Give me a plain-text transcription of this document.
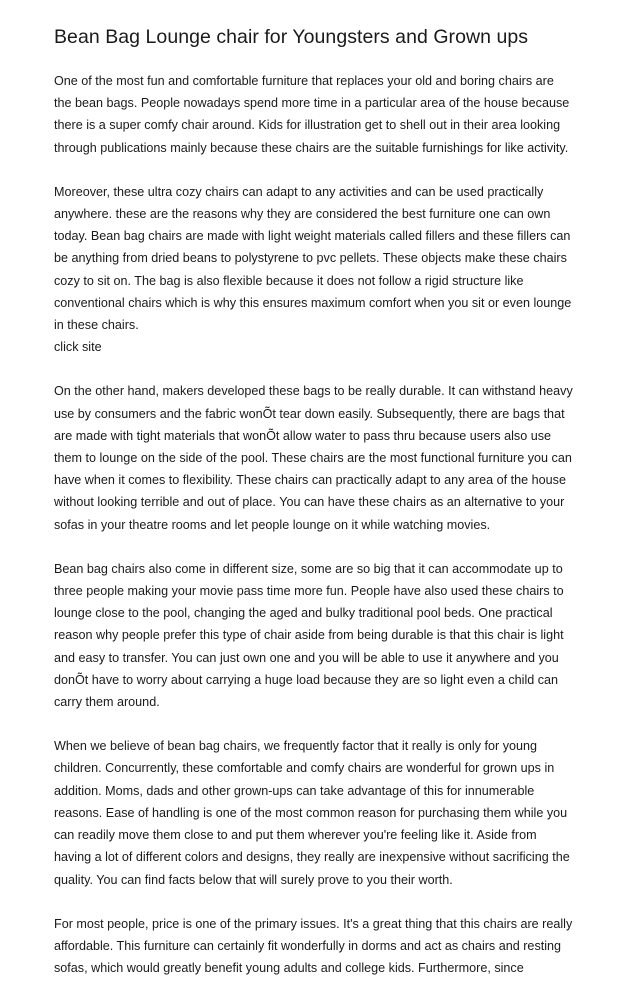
Bean Bag Lounge chair for Youngsters and Grown ups
One of the most fun and comfortable furniture that replaces your old and boring chairs are
the bean bags. People nowadays spend more time in a particular area of the house because
there is a super comfy chair around. Kids for illustration get to shell out in their area looking
through publications mainly because these chairs are the suitable furnishings for like activity.
Moreover, these ultra cozy chairs can adapt to any activities and can be used practically
anywhere. these are the reasons why they are considered the best furniture one can own
today. Bean bag chairs are made with light weight materials called fillers and these fillers can
be anything from dried beans to polystyrene to pvc pellets. These objects make these chairs
cozy to sit on. The bag is also flexible because it does not follow a rigid structure like
conventional chairs which is why this ensures maximum comfort when you sit or even lounge
in these chairs.
click site
On the other hand, makers developed these bags to be really durable. It can withstand heavy
use by consumers and the fabric wonÕt tear down easily. Subsequently, there are bags that
are made with tight materials that wonÕt allow water to pass thru because users also use
them to lounge on the side of the pool. These chairs are the most functional furniture you can
have when it comes to flexibility. These chairs can practically adapt to any area of the house
without looking terrible and out of place. You can have these chairs as an alternative to your
sofas in your theatre rooms and let people lounge on it while watching movies.
Bean bag chairs also come in different size, some are so big that it can accommodate up to
three people making your movie pass time more fun. People have also used these chairs to
lounge close to the pool, changing the aged and bulky traditional pool beds. One practical
reason why people prefer this type of chair aside from being durable is that this chair is light
and easy to transfer. You can just own one and you will be able to use it anywhere and you
donÕt have to worry about carrying a huge load because they are so light even a child can
carry them around.
When we believe of bean bag chairs, we frequently factor that it really is only for young
children. Concurrently, these comfortable and comfy chairs are wonderful for grown ups in
addition. Moms, dads and other grown-ups can take advantage of this for innumerable
reasons. Ease of handling is one of the most common reason for purchasing them while you
can readily move them close to and put them wherever you're feeling like it. Aside from
having a lot of different colors and designs, they really are inexpensive without sacrificing the
quality. You can find facts below that will surely prove to you their worth.
For most people, price is one of the primary issues. It's a great thing that this chairs are really
affordable. This furniture can certainly fit wonderfully in dorms and act as chairs and resting
sofas, which would greatly benefit young adults and college kids. Furthermore, since
